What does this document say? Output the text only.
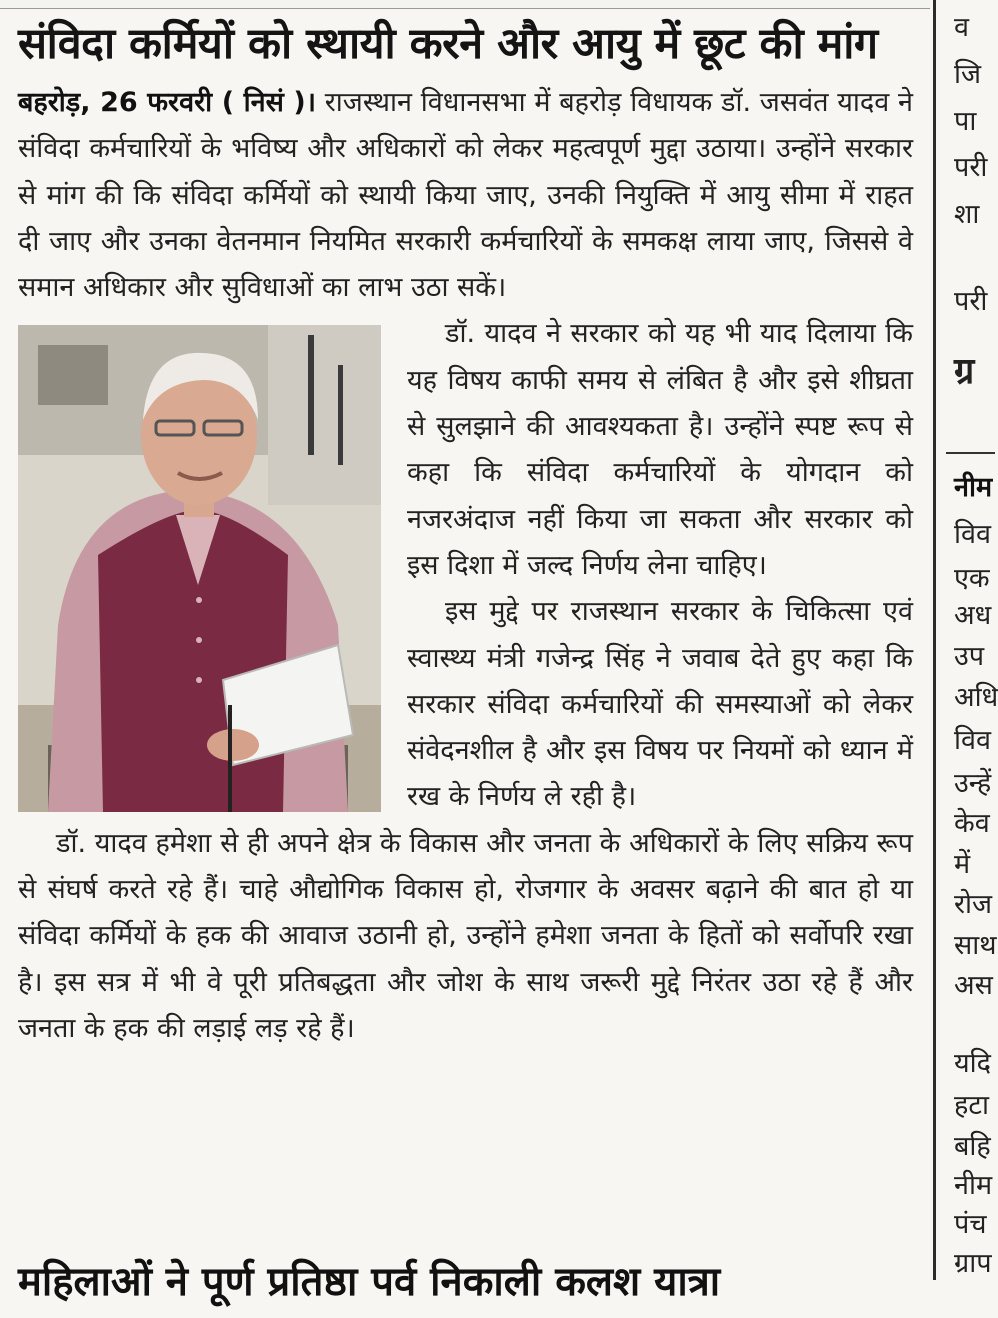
संविदा कर्मियों को स्थायी करने और आयु में छूट की मांग

बहरोड़, 26 फरवरी ( निसं )। राजस्थान विधानसभा में बहरोड़ विधायक डॉ. जसवंत यादव ने संविदा कर्मचारियों के भविष्य और अधिकारों को लेकर महत्वपूर्ण मुद्दा उठाया। उन्होंने सरकार से मांग की कि संविदा कर्मियों को स्थायी किया जाए, उनकी नियुक्ति में आयु सीमा में राहत दी जाए और उनका वेतनमान नियमित सरकारी कर्मचारियों के समकक्ष लाया जाए, जिससे वे समान अधिकार और सुविधाओं का लाभ उठा सकें।

डॉ. यादव ने सरकार को यह भी याद दिलाया कि यह विषय काफी समय से लंबित है और इसे शीघ्रता से सुलझाने की आवश्यकता है। उन्होंने स्पष्ट रूप से कहा कि संविदा कर्मचारियों के योगदान को नजरअंदाज नहीं किया जा सकता और सरकार को इस दिशा में जल्द निर्णय लेना चाहिए।

इस मुद्दे पर राजस्थान सरकार के चिकित्सा एवं स्वास्थ्य मंत्री गजेन्द्र सिंह ने जवाब देते हुए कहा कि सरकार संविदा कर्मचारियों की समस्याओं को लेकर संवेदनशील है और इस विषय पर नियमों को ध्यान में रख के निर्णय ले रही है।

डॉ. यादव हमेशा से ही अपने क्षेत्र के विकास और जनता के अधिकारों के लिए सक्रिय रूप से संघर्ष करते रहे हैं। चाहे औद्योगिक विकास हो, रोजगार के अवसर बढ़ाने की बात हो या संविदा कर्मियों के हक की आवाज उठानी हो, उन्होंने हमेशा जनता के हितों को सर्वोपरि रखा है। इस सत्र में भी वे पूरी प्रतिबद्धता और जोश के साथ जरूरी मुद्दे निरंतर उठा रहे हैं और जनता के हक की लड़ाई लड़ रहे हैं।

महिलाओं ने पूर्ण प्रतिष्ठा पर्व निकाली कलश यात्रा
व
जि
पा
परी
शा
परी
ग्र
नीम
विव
एक
अध
उप
अधि
विव
उन्हें
केव
में
रोज
साथ
अस
यदि
हटा
बहि
नीम
पंच
ग्राप
